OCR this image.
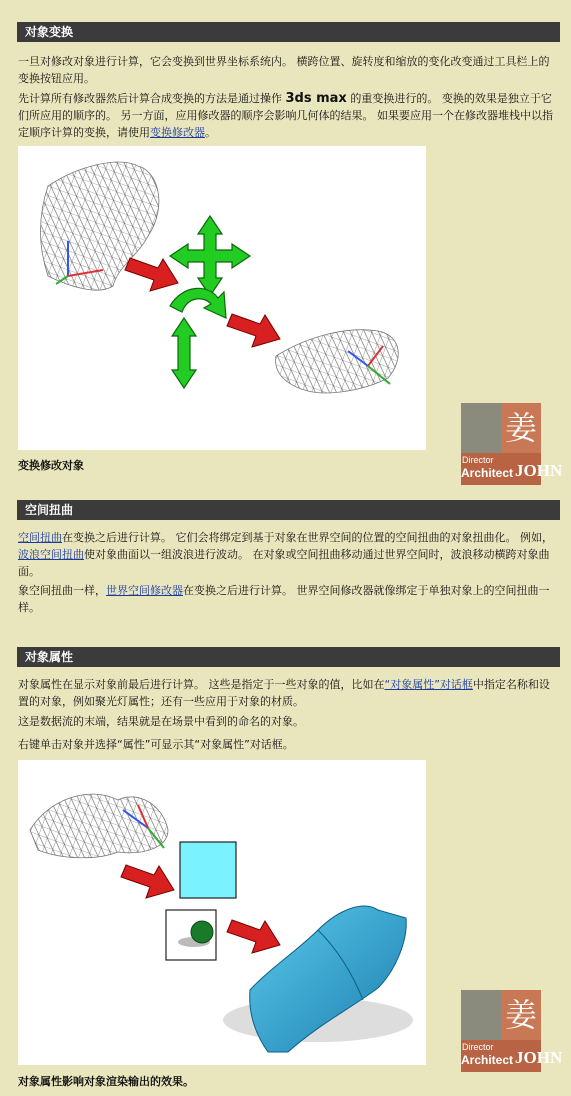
对象变换

一旦对修改对象进行计算，它会变换到世界坐标系统内。 横跨位置、旋转度和缩放的变化改变通过工具栏上的变换按钮应用。

先计算所有修改器然后计算合成变换的方法是通过操作 3ds max 的重变换进行的。 变换的效果是独立于它们所应用的顺序的。 另一方面，应用修改器的顺序会影响几何体的结果。 如果要应用一个在修改器堆栈中以指定顺序计算的变换，请使用变换修改器。

姜
Director
Architect JOHN
变换修改对象
空间扭曲

空间扭曲在变换之后进行计算。 它们会将绑定到基于对象在世界空间的位置的空间扭曲的对象扭曲化。 例如，波浪空间扭曲使对象曲面以一组波浪进行波动。 在对象或空间扭曲移动通过世界空间时，波浪移动横跨对象曲面。

象空间扭曲一样，世界空间修改器在变换之后进行计算。 世界空间修改器就像绑定于单独对象上的空间扭曲一样。

对象属性

对象属性在显示对象前最后进行计算。 这些是指定于一些对象的值，比如在“对象属性”对话框中指定名称和设置的对象，例如聚光灯属性；还有一些应用于对象的材质。

这是数据流的末端，结果就是在场景中看到的命名的对象。

右键单击对象并选择“属性”可显示其“对象属性”对话框。

姜
Director
Architect JOHN
对象属性影响对象渲染输出的效果。
